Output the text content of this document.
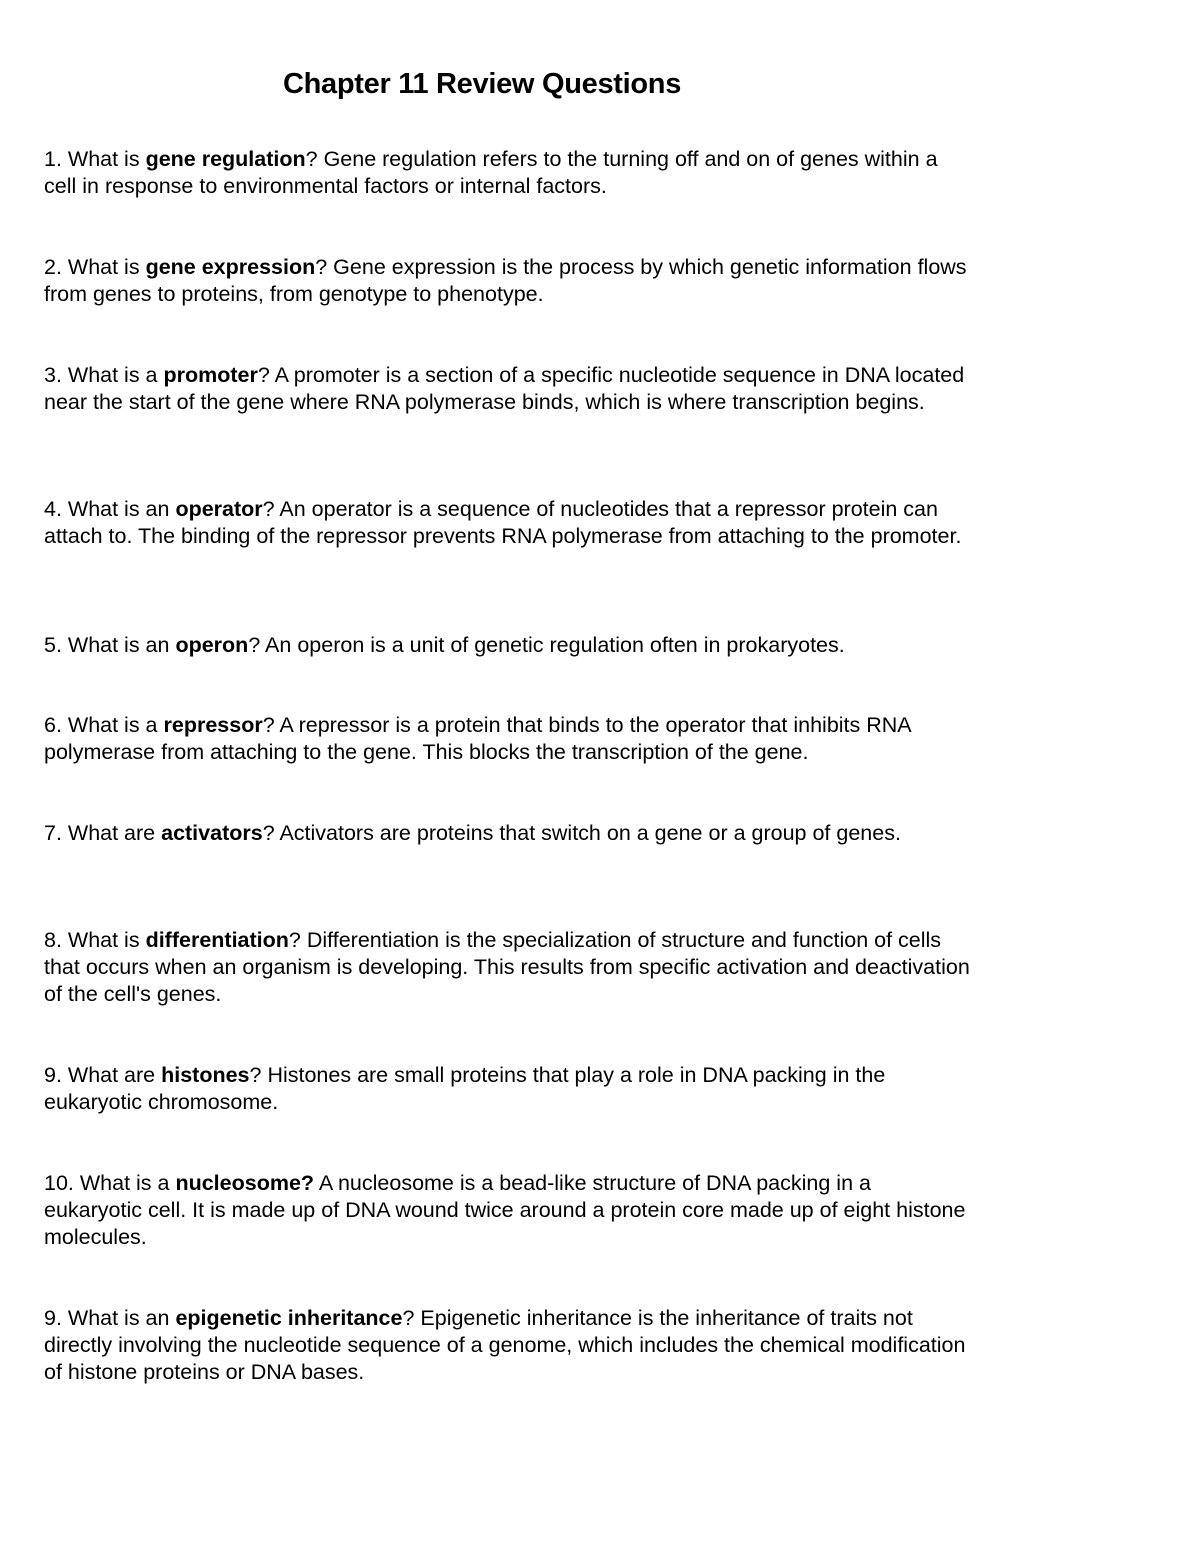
Chapter 11 Review Questions

1. What is gene regulation? Gene regulation refers to the turning off and on of genes within a cell in response to environmental factors or internal factors.

2. What is gene expression? Gene expression is the process by which genetic information flows from genes to proteins, from genotype to phenotype.

3. What is a promoter? A promoter is a section of a specific nucleotide sequence in DNA located near the start of the gene where RNA polymerase binds, which is where transcription begins.

4. What is an operator? An operator is a sequence of nucleotides that a repressor protein can attach to. The binding of the repressor prevents RNA polymerase from attaching to the promoter.

5. What is an operon? An operon is a unit of genetic regulation often in prokaryotes.

6. What is a repressor? A repressor is a protein that binds to the operator that inhibits RNA polymerase from attaching to the gene. This blocks the transcription of the gene.

7. What are activators? Activators are proteins that switch on a gene or a group of genes.

8. What is differentiation? Differentiation is the specialization of structure and function of cells that occurs when an organism is developing. This results from specific activation and deactivation of the cell's genes.

9. What are histones? Histones are small proteins that play a role in DNA packing in the eukaryotic chromosome.

10. What is a nucleosome? A nucleosome is a bead-like structure of DNA packing in a eukaryotic cell. It is made up of DNA wound twice around a protein core made up of eight histone molecules.

9. What is an epigenetic inheritance? Epigenetic inheritance is the inheritance of traits not directly involving the nucleotide sequence of a genome, which includes the chemical modification of histone proteins or DNA bases.
